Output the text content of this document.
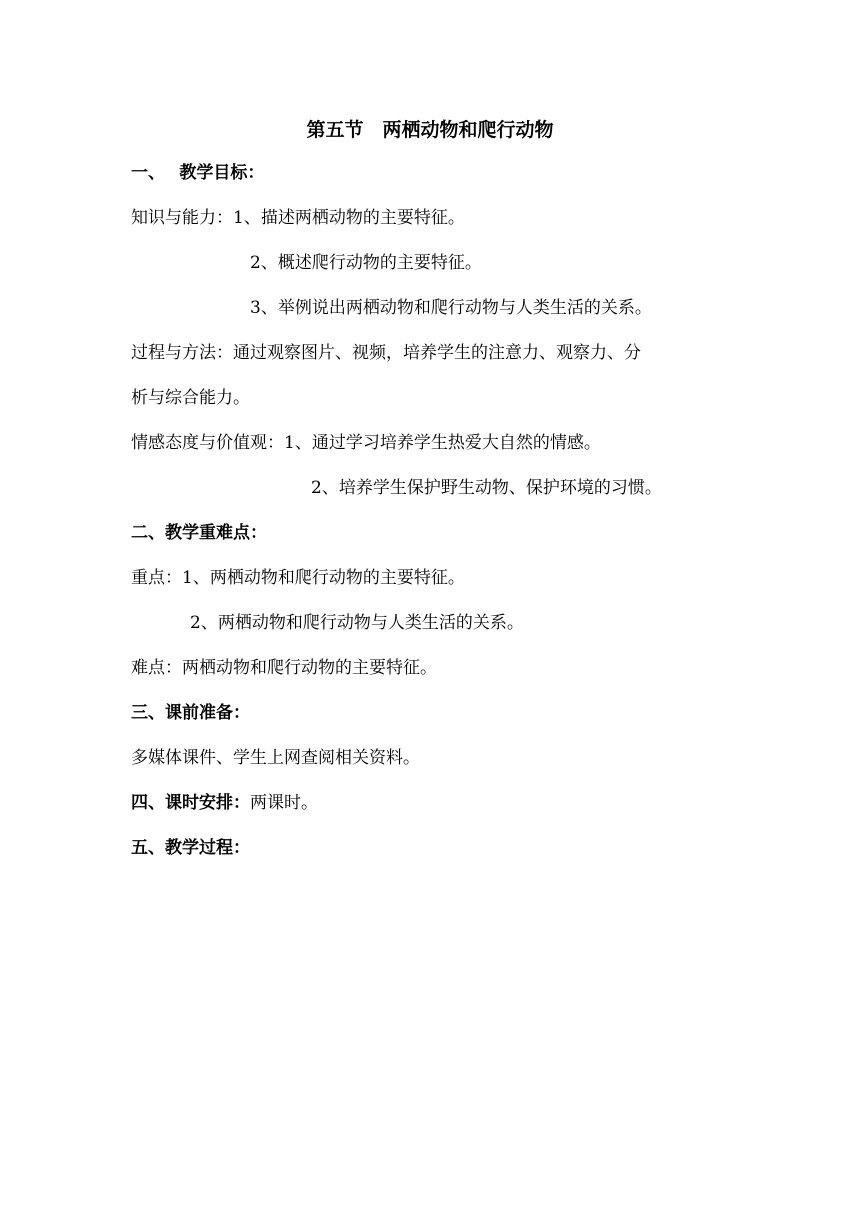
第五节　两栖动物和爬行动物
一、　 教学目标：
知识与能力：1、描述两栖动物的主要特征。
2、概述爬行动物的主要特征。
3、举例说出两栖动物和爬行动物与人类生活的关系。
过程与方法：通过观察图片、视频，培养学生的注意力、观察力、分
析与综合能力。
情感态度与价值观：1、通过学习培养学生热爱大自然的情感。
2、培养学生保护野生动物、保护环境的习惯。
二、教学重难点：
重点：1、两栖动物和爬行动物的主要特征。
2、两栖动物和爬行动物与人类生活的关系。
难点：两栖动物和爬行动物的主要特征。
三、课前准备：
多媒体课件、学生上网查阅相关资料。
四、课时安排：两课时。
五、教学过程：
